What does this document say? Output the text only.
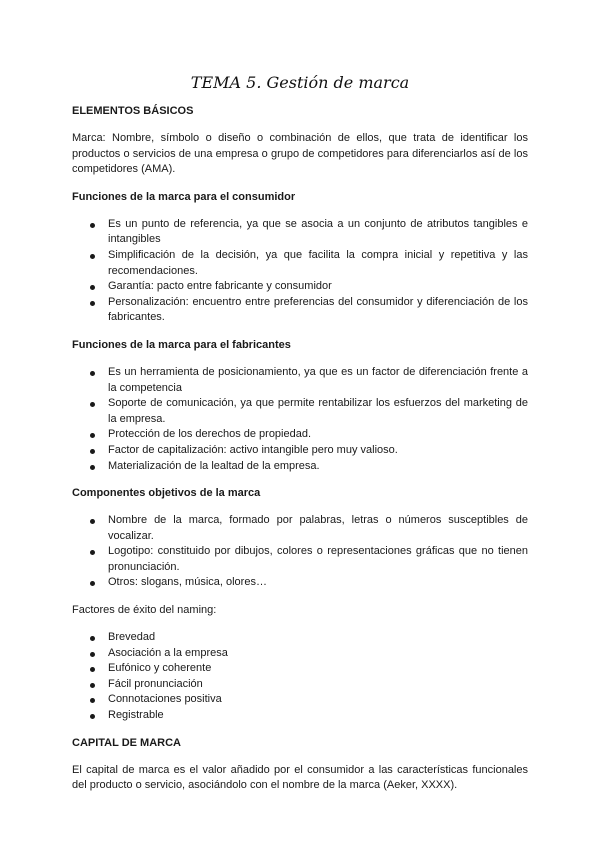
TEMA 5. Gestión de marca
ELEMENTOS BÁSICOS

Marca: Nombre, símbolo o diseño o combinación de ellos, que trata de identificar los productos o servicios de una empresa o grupo de competidores para diferenciarlos así de los competidores (AMA).

Funciones de la marca para el consumidor
Es un punto de referencia, ya que se asocia a un conjunto de atributos tangibles e intangibles
Simplificación de la decisión, ya que facilita la compra inicial y repetitiva y las recomendaciones.
Garantía: pacto entre fabricante y consumidor
Personalización: encuentro entre preferencias del consumidor y diferenciación de los fabricantes.
Funciones de la marca para el fabricantes
Es un herramienta de posicionamiento, ya que es un factor de diferenciación frente a la competencia
Soporte de comunicación, ya que permite rentabilizar los esfuerzos del marketing de la empresa.
Protección de los derechos de propiedad.
Factor de capitalización: activo intangible pero muy valioso.
Materialización de la lealtad de la empresa.
Componentes objetivos de la marca
Nombre de la marca, formado por palabras, letras o números susceptibles de vocalizar.
Logotipo: constituido por dibujos, colores o representaciones gráficas que no tienen pronunciación.
Otros: slogans, música, olores…
Factores de éxito del naming:
Brevedad
Asociación a la empresa
Eufónico y coherente
Fácil pronunciación
Connotaciones positiva
Registrable
CAPITAL DE MARCA

El capital de marca es el valor añadido por el consumidor a las características funcionales del producto o servicio, asociándolo con el nombre de la marca (Aeker, XXXX).
